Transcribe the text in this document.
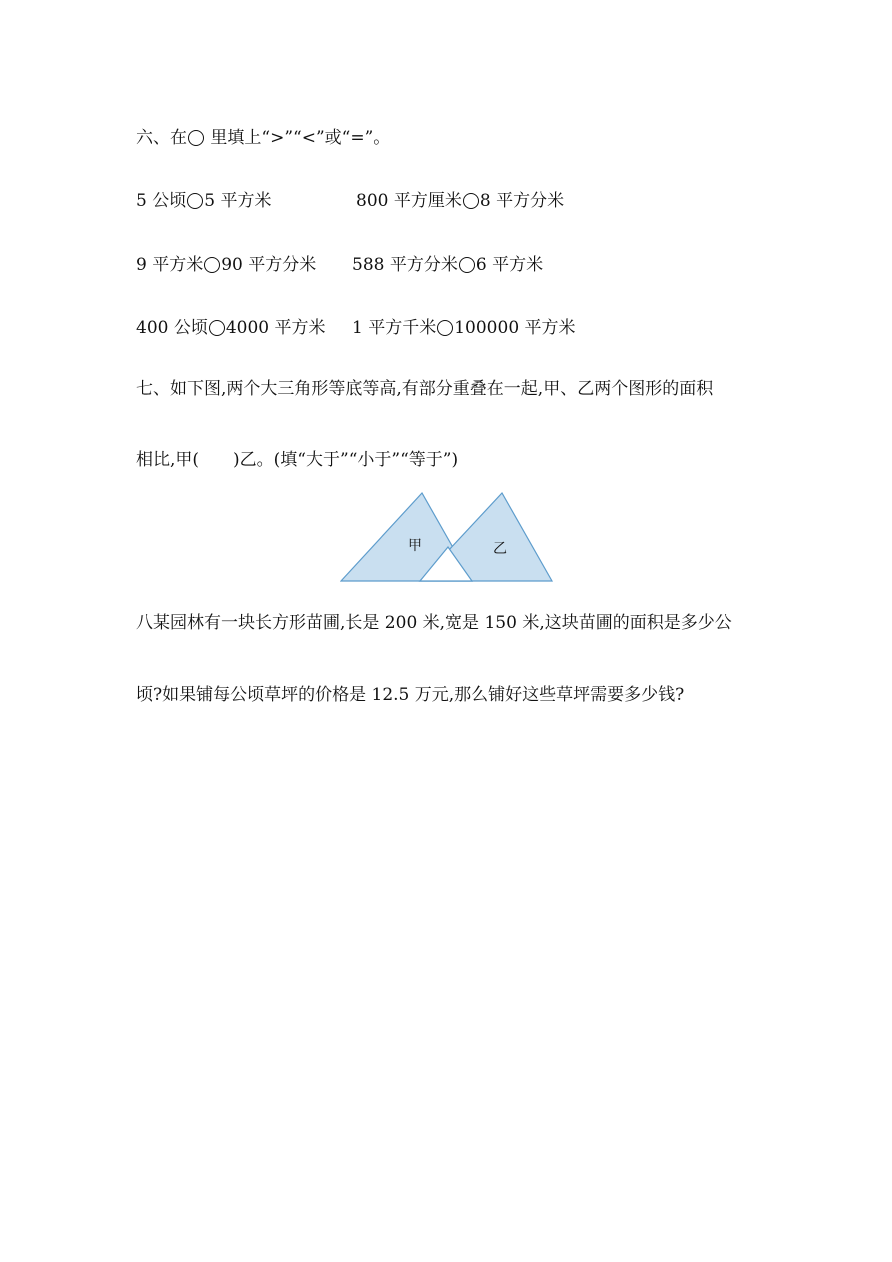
六、在 里填上“>”“<”或“=”。
5 公顷 5 平方米	800 平方厘米 8 平方分米
9 平方米 90 平方分米 588 平方分米 6 平方米
400 公顷 4000 平方米 1 平方千米 100000 平方米
七、如下图,两个大三角形等底等高,有部分重叠在一起,甲、乙两个图形的面积
相比,甲( )乙。(填“大于”“小于”“等于”)
甲	乙
八某园林有一块长方形苗圃,长是 200 米,宽是 150 米,这块苗圃的面积是多少公
顷?如果铺每公顷草坪的价格是 12.5 万元,那么铺好这些草坪需要多少钱?
